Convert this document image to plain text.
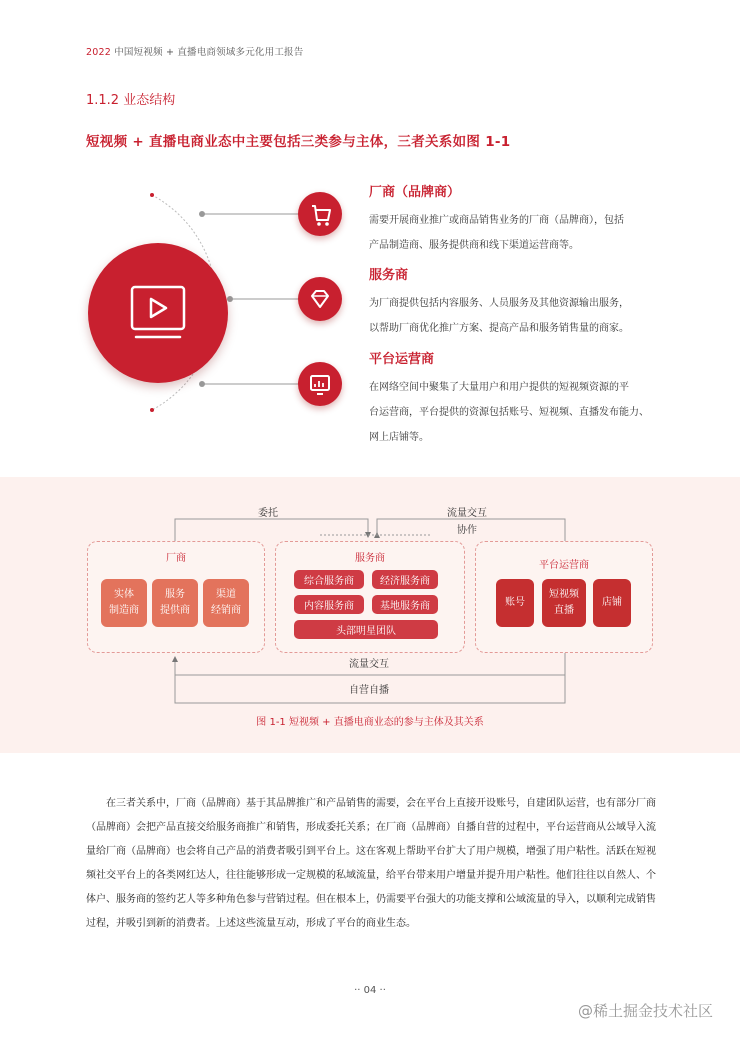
2022 中国短视频 + 直播电商领域多元化用工报告
1.1.2 业态结构
短视频 + 直播电商业态中主要包括三类参与主体，三者关系如图 1-1
厂商（品牌商）
需要开展商业推广或商品销售业务的厂商（品牌商），包括
产品制造商、服务提供商和线下渠道运营商等。
服务商
为厂商提供包括内容服务、人员服务及其他资源输出服务，
以帮助厂商优化推广方案、提高产品和服务销售量的商家。
平台运营商
在网络空间中聚集了大量用户和用户提供的短视频资源的平
台运营商，平台提供的资源包括账号、短视频、直播发布能力、
网上店铺等。
委托	流量交互
协作
厂商
实体
制造商
服务
提供商
渠道
经销商
服务商
综合服务商	经济服务商
内容服务商	基地服务商
头部明星团队
平台运营商
账号
短视频
直播
店铺
流量交互
自营自播
图 1-1 短视频 + 直播电商业态的参与主体及其关系

在三者关系中，厂商（品牌商）基于其品牌推广和产品销售的需要，会在平台上直接开设账号，自建团队运营，也有部分厂商（品牌商）会把产品直接交给服务商推广和销售，形成委托关系；在厂商（品牌商）自播自营的过程中，平台运营商从公域导入流量给厂商（品牌商）也会将自己产品的消费者吸引到平台上。这在客观上帮助平台扩大了用户规模，增强了用户粘性。活跃在短视频社交平台上的各类网红达人，往往能够形成一定规模的私域流量，给平台带来用户增量并提升用户粘性。他们往往以自然人、个体户、服务商的签约艺人等多种角色参与营销过程。但在根本上，仍需要平台强大的功能支撑和公域流量的导入，以顺利完成销售过程，并吸引到新的消费者。上述这些流量互动，形成了平台的商业生态。

·· 04 ··
@稀土掘金技术社区
